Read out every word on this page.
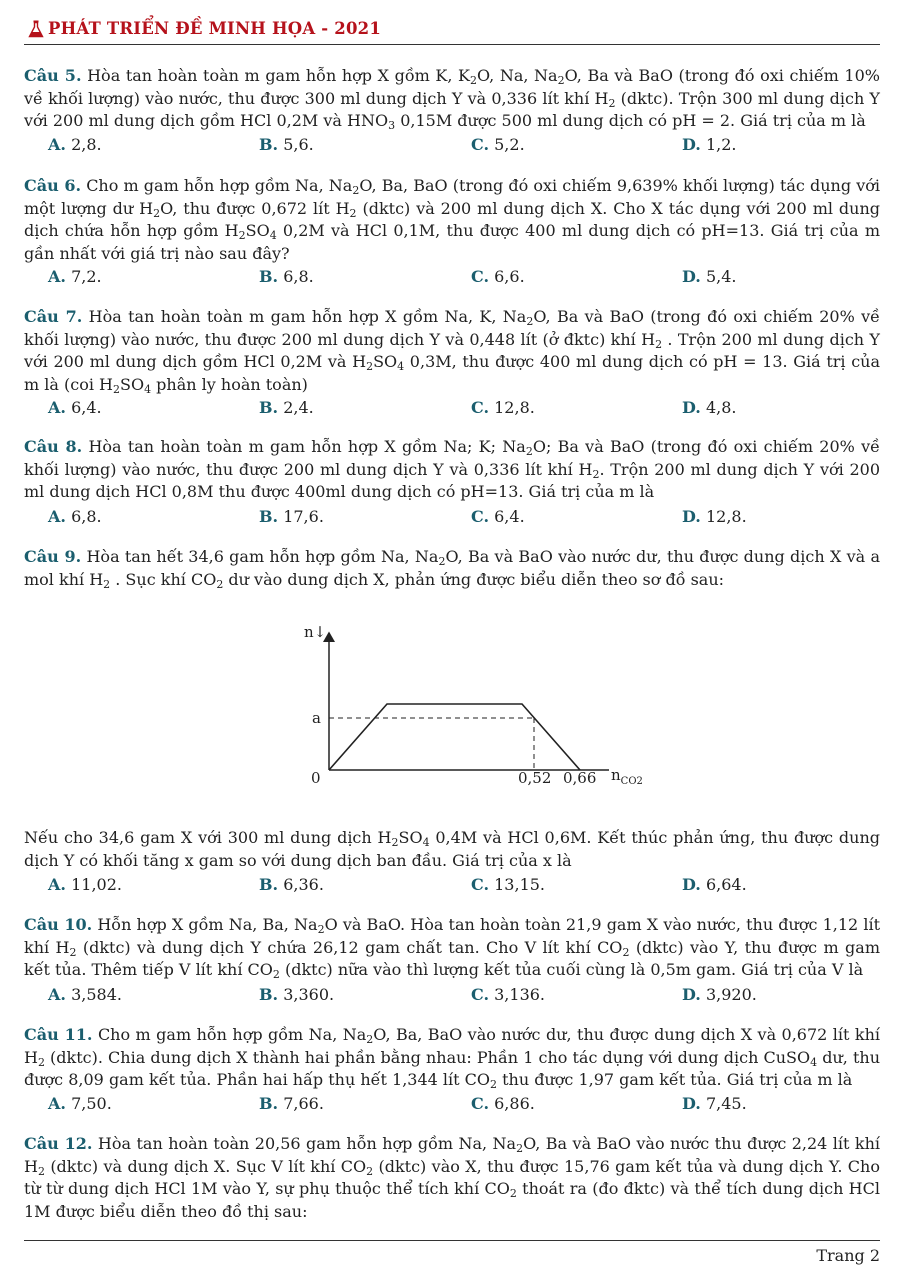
PHÁT TRIỂN ĐỀ MINH HỌA - 2021
Câu 5. Hòa tan hoàn toàn m gam hỗn hợp X gồm K, $K_2O$, Na, $Na_2O$, Ba và BaO (trong đó oxi chiếm 10% về khối lượng) vào nước, thu được 300 ml dung dịch Y và 0,336 lít khí $H_2$ (dktc). Trộn 300 ml dung dịch Y với 200 ml dung dịch gồm HCl 0,2M và $HNO_3$ 0,15M được 500 ml dung dịch có pH = 2. Giá trị của m là
A. 2,8.	B. 5,6.	C. 5,2.	D. 1,2.
Câu 6. Cho m gam hỗn hợp gồm Na, $Na_2O$, Ba, BaO (trong đó oxi chiếm 9,639% khối lượng) tác dụng với một lượng dư $H_2O$, thu được 0,672 lít $H_2$ (dktc) và 200 ml dung dịch X. Cho X tác dụng với 200 ml dung dịch chứa hỗn hợp gồm $H_2SO_4$ 0,2M và HCl 0,1M, thu được 400 ml dung dịch có pH=13. Giá trị của m gần nhất với giá trị nào sau đây?
A. 7,2.	B. 6,8.	C. 6,6.	D. 5,4.
Câu 7. Hòa tan hoàn toàn m gam hỗn hợp X gồm Na, K, $Na_2O$, Ba và BaO (trong đó oxi chiếm 20% về khối lượng) vào nước, thu được 200 ml dung dịch Y và 0,448 lít (ở đktc) khí $H_2$ . Trộn 200 ml dung dịch Y với 200 ml dung dịch gồm HCl 0,2M và $H_2SO_4$ 0,3M, thu được 400 ml dung dịch có pH = 13. Giá trị của m là (coi $H_2SO_4$ phân ly hoàn toàn)
A. 6,4.	B. 2,4.	C. 12,8.	D. 4,8.
Câu 8. Hòa tan hoàn toàn m gam hỗn hợp X gồm Na; K; $Na_2O$; Ba và BaO (trong đó oxi chiếm 20% về khối lượng) vào nước, thu được 200 ml dung dịch Y và 0,336 lít khí $H_2$. Trộn 200 ml dung dịch Y với 200 ml dung dịch HCl 0,8M thu được 400ml dung dịch có pH=13. Giá trị của m là
A. 6,8.	B. 17,6.	C. 6,4.	D. 12,8.
Câu 9. Hòa tan hết 34,6 gam hỗn hợp gồm Na, $Na_2O$, Ba và BaO vào nước dư, thu được dung dịch X và a mol khí $H_2$ . Sục khí $CO_2$ dư vào dung dịch X, phản ứng được biểu diễn theo sơ đồ sau:
n↓
a
0	0,52 0,66 $n_{CO2}$
Nếu cho 34,6 gam X với 300 ml dung dịch $H_2SO_4$ 0,4M và HCl 0,6M. Kết thúc phản ứng, thu được dung dịch Y có khối tăng x gam so với dung dịch ban đầu. Giá trị của x là
A. 11,02.	B. 6,36.	C. 13,15.	D. 6,64.
Câu 10. Hỗn hợp X gồm Na, Ba, $Na_2O$ và BaO. Hòa tan hoàn toàn 21,9 gam X vào nước, thu được 1,12 lít khí $H_2$ (dktc) và dung dịch Y chứa 26,12 gam chất tan. Cho V lít khí $CO_2$ (dktc) vào Y, thu được m gam kết tủa. Thêm tiếp V lít khí $CO_2$ (dktc) nữa vào thì lượng kết tủa cuối cùng là 0,5m gam. Giá trị của V là
A. 3,584.	B. 3,360.	C. 3,136.	D. 3,920.
Câu 11. Cho m gam hỗn hợp gồm Na, $Na_2O$, Ba, BaO vào nước dư, thu được dung dịch X và 0,672 lít khí $H_2$ (dktc). Chia dung dịch X thành hai phần bằng nhau: Phần 1 cho tác dụng với dung dịch CuSO$_4$ dư, thu được 8,09 gam kết tủa. Phần hai hấp thụ hết 1,344 lít $CO_2$ thu được 1,97 gam kết tủa. Giá trị của m là
A. 7,50.	B. 7,66.	C. 6,86.	D. 7,45.
Câu 12. Hòa tan hoàn toàn 20,56 gam hỗn hợp gồm Na, $Na_2O$, Ba và BaO vào nước thu được 2,24 lít khí $H_2$ (dktc) và dung dịch X. Sục V lít khí $CO_2$ (dktc) vào X, thu được 15,76 gam kết tủa và dung dịch Y. Cho từ từ dung dịch HCl 1M vào Y, sự phụ thuộc thể tích khí $CO_2$ thoát ra (đo đktc) và thể tích dung dịch HCl 1M được biểu diễn theo đồ thị sau:
Trang 2
